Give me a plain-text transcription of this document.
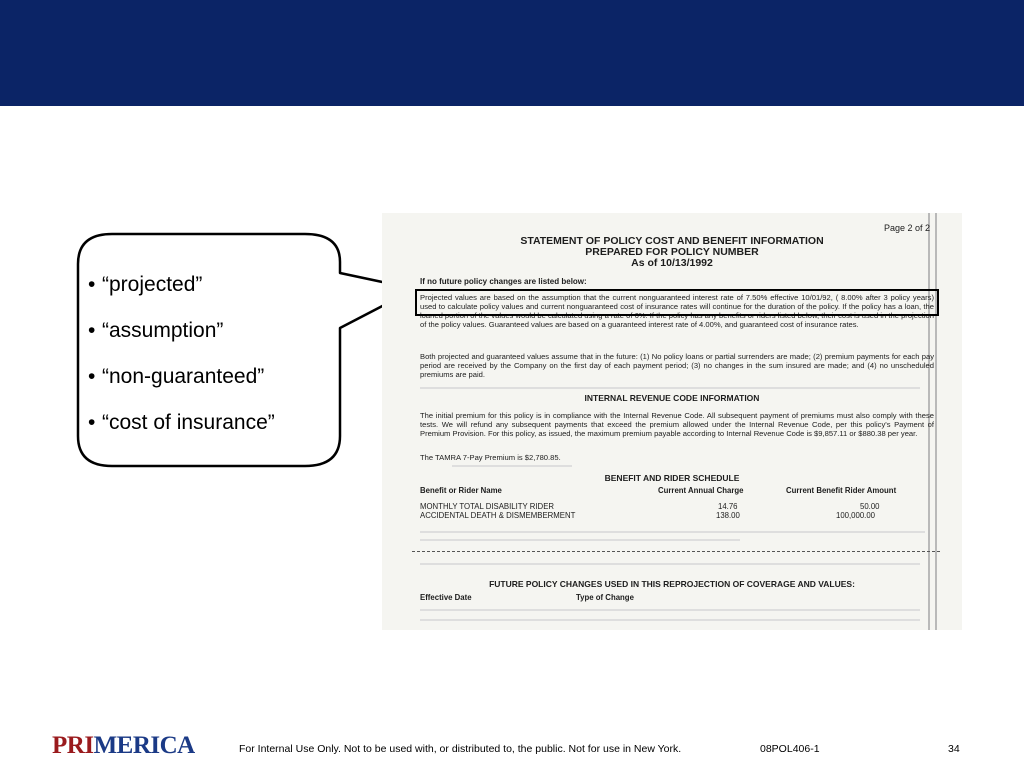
• “projected”
• “assumption”
• “non-guaranteed”
• “cost of insurance”
Page 2 of 2
STATEMENT OF POLICY COST AND BENEFIT INFORMATION
PREPARED FOR POLICY NUMBER
As of 10/13/1992
If no future policy changes are listed below:
Projected values are based on the assumption that the current nonguaranteed interest rate of 7.50% effective 10/01/92, ( 8.00% after 3 policy years) used to calculate policy values and current nonguaranteed cost of insurance rates will continue for the duration of the policy. If the policy has a loan, the loaned portion of the values would be calculated using a rate of 6%. If the policy has any benefits or riders listed below, their cost is used in the projection of the policy values. Guaranteed values are based on a guaranteed interest rate of 4.00%, and guaranteed cost of insurance rates.
Both projected and guaranteed values assume that in the future: (1) No policy loans or partial surrenders are made; (2) premium payments for each pay period are received by the Company on the first day of each payment period; (3) no changes in the sum insured are made; and (4) no unscheduled premiums are paid.
INTERNAL REVENUE CODE INFORMATION
The initial premium for this policy is in compliance with the Internal Revenue Code. All subsequent payment of premiums must also comply with these tests. We will refund any subsequent payments that exceed the premium allowed under the Internal Revenue Code, per this policy's Payment of Premium Provision. For this policy, as issued, the maximum premium payable according to Internal Revenue Code is $9,857.11 or $880.38 per year.
The TAMRA 7-Pay Premium is $2,780.85.
BENEFIT AND RIDER SCHEDULE
Benefit or Rider Name	Current Annual Charge	Current Benefit Rider Amount
MONTHLY TOTAL DISABILITY RIDER	14.76	50.00
ACCIDENTAL DEATH & DISMEMBERMENT	138.00	100,000.00
FUTURE POLICY CHANGES USED IN THIS REPROJECTION OF COVERAGE AND VALUES:
Effective Date	Type of Change
PRIMERICA	For Internal Use Only. Not to be used with, or distributed to, the public. Not for use in New York.	08POL406-1	34
